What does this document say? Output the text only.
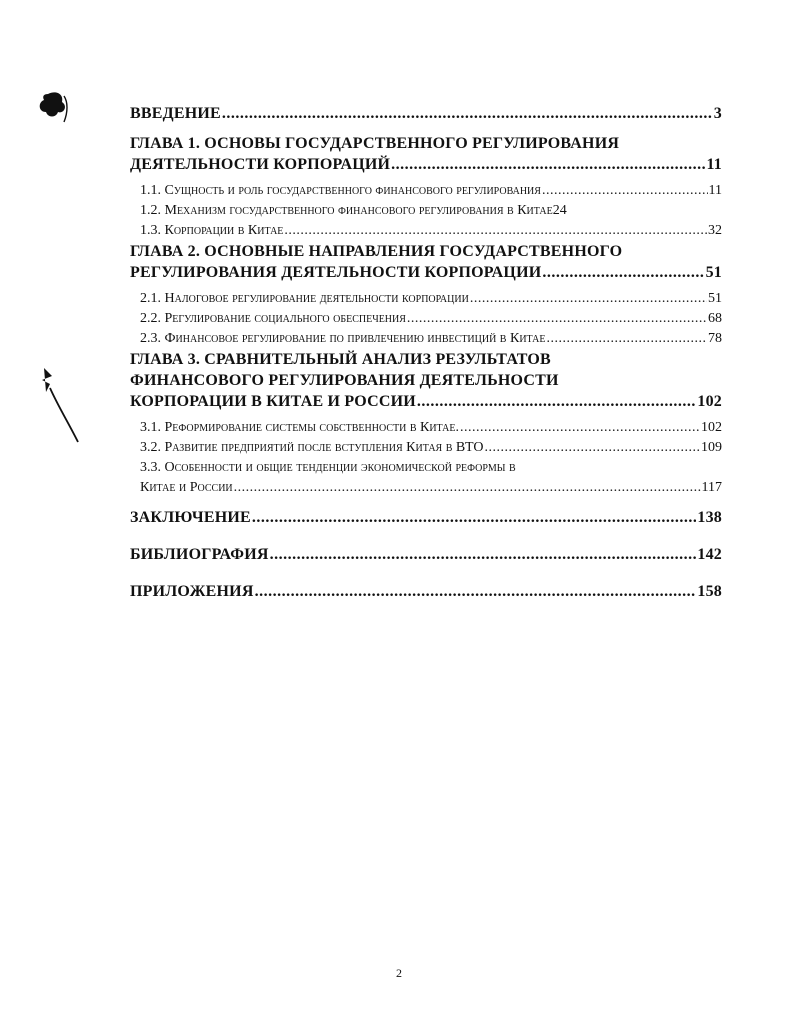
ВВЕДЕНИЕ .....	3
ГЛАВА 1. ОСНОВЫ ГОСУДАРСТВЕННОГО РЕГУЛИРОВАНИЯ
ДЕЯТЕЛЬНОСТИ КОРПОРАЦИЙ .....	11
1.1. Сущность и роль государственного финансового регулирования .....	11
1.2. Механизм государственного финансового регулирования в Китае 24
1.3. Корпорации в Китае .....	32
ГЛАВА 2. ОСНОВНЫЕ НАПРАВЛЕНИЯ ГОСУДАРСТВЕННОГО
РЕГУЛИРОВАНИЯ ДЕЯТЕЛЬНОСТИ КОРПОРАЦИИ .....	51
2.1. Налоговое регулирование деятельности корпорации .....	51
2.2. Регулирование социального обеспечения .....	68
2.3. Финансовое регулирование по привлечению инвестиций в Китае .....	78
ГЛАВА 3. СРАВНИТЕЛЬНЫЙ АНАЛИЗ РЕЗУЛЬТАТОВ
ФИНАНСОВОГО РЕГУЛИРОВАНИЯ ДЕЯТЕЛЬНОСТИ
КОРПОРАЦИИ В КИТАЕ И РОССИИ .....	102
3.1. Реформирование системы собственности в Китае. .....	102
3.2. Развитие предприятий после вступления Китая в ВТО .....	109
3.3. Особенности и общие тенденции экономической реформы в
Китае и России .....	117
ЗАКЛЮЧЕНИЕ .....	138
БИБЛИОГРАФИЯ .....	142
ПРИЛОЖЕНИЯ .....	158
2
